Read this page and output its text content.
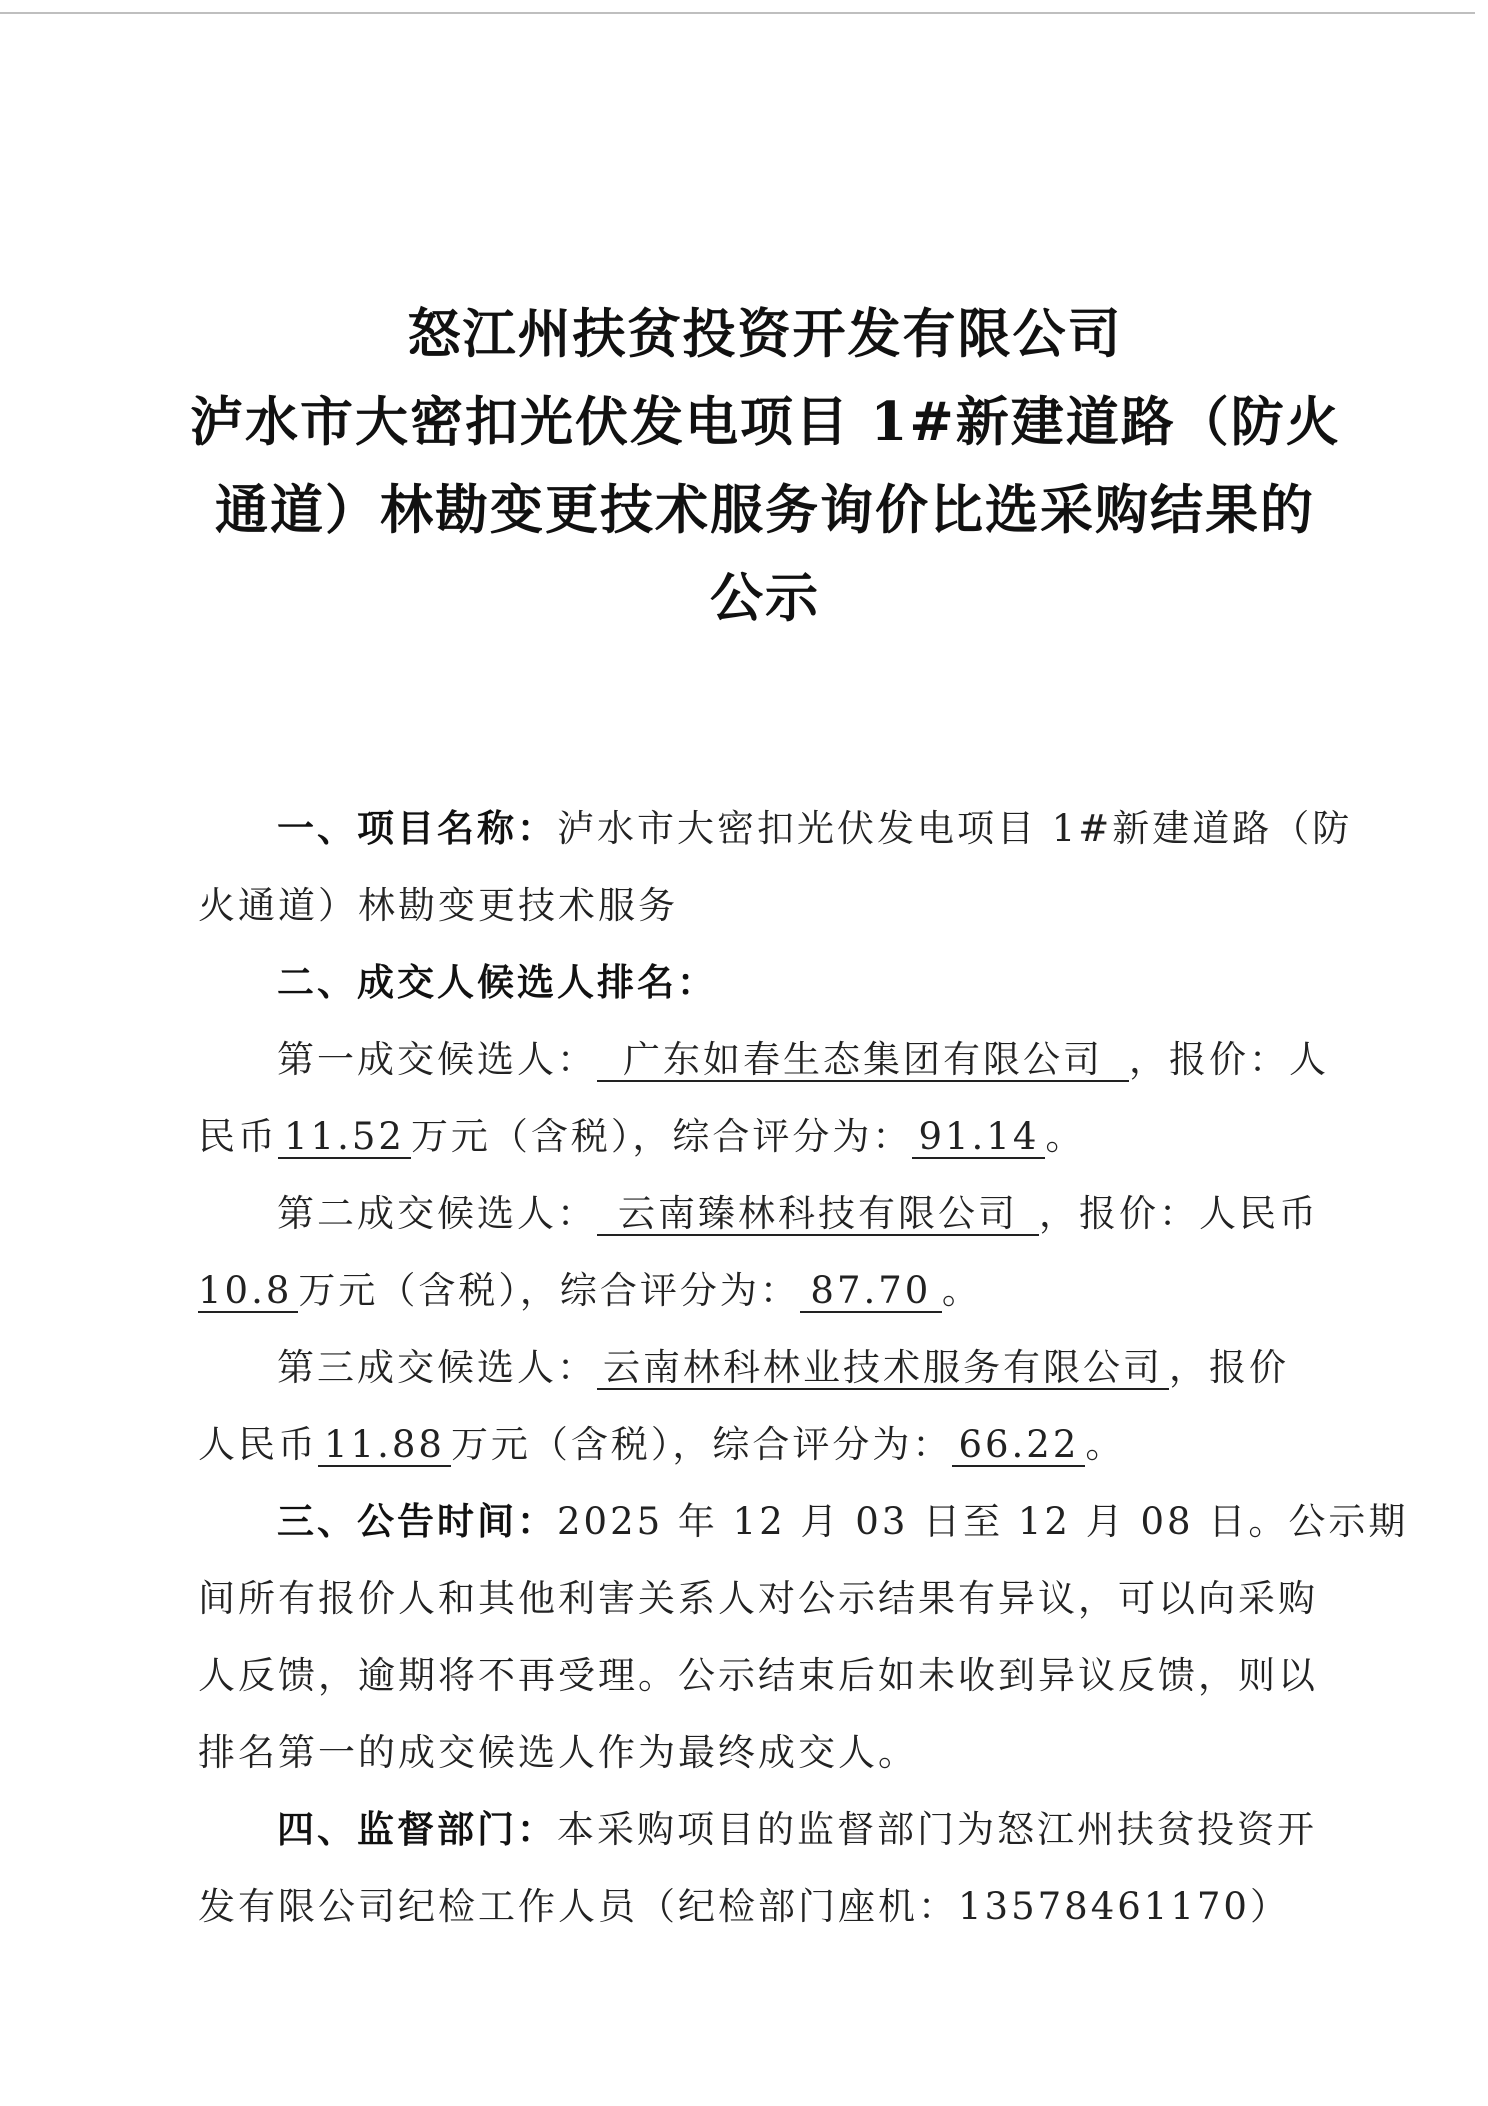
怒江州扶贫投资开发有限公司
泸水市大密扣光伏发电项目 1#新建道路（防火
通道）林勘变更技术服务询价比选采购结果的
公示
一、项目名称：泸水市大密扣光伏发电项目 1#新建道路（防
火通道）林勘变更技术服务
二、成交人候选人排名：
第一成交候选人： 广东如春生态集团有限公司 ，报价：人
民币 11.52 万元（含税），综合评分为： 91.14 。
第二成交候选人： 云南臻林科技有限公司 ，报价：人民币
10.8 万元（含税），综合评分为： 87.70 。
第三成交候选人： 云南林科林业技术服务有限公司 ，报价
人民币 11.88 万元（含税），综合评分为： 66.22 。
三、公告时间：2025 年 12 月 03 日至 12 月 08 日。公示期
间所有报价人和其他利害关系人对公示结果有异议，可以向采购
人反馈，逾期将不再受理。公示结束后如未收到异议反馈，则以
排名第一的成交候选人作为最终成交人。
四、监督部门：本采购项目的监督部门为怒江州扶贫投资开
发有限公司纪检工作人员（纪检部门座机：13578461170）
